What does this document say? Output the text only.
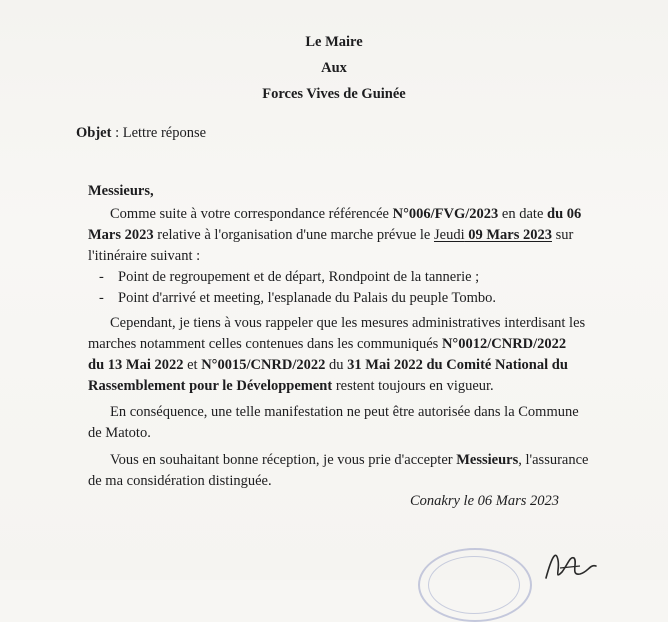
Le Maire
Aux
Forces Vives de Guinée
Objet : Lettre réponse
Messieurs,
Comme suite à votre correspondance référencée N°006/FVG/2023 en date du 06
Mars 2023 relative à l'organisation d'une marche prévue le Jeudi 09 Mars 2023 sur
l'itinéraire suivant :
- Point de regroupement et de départ, Rondpoint de la tannerie ;
- Point d'arrivé et meeting, l'esplanade du Palais du peuple Tombo.
Cependant, je tiens à vous rappeler que les mesures administratives interdisant les
marches notamment celles contenues dans les communiqués N°0012/CNRD/2022
du 13 Mai 2022 et N°0015/CNRD/2022 du 31 Mai 2022 du Comité National du
Rassemblement pour le Développement restent toujours en vigueur.
En conséquence, une telle manifestation ne peut être autorisée dans la Commune
de Matoto.
Vous en souhaitant bonne réception, je vous prie d'accepter Messieurs, l'assurance
de ma considération distinguée.
Conakry le 06 Mars 2023
